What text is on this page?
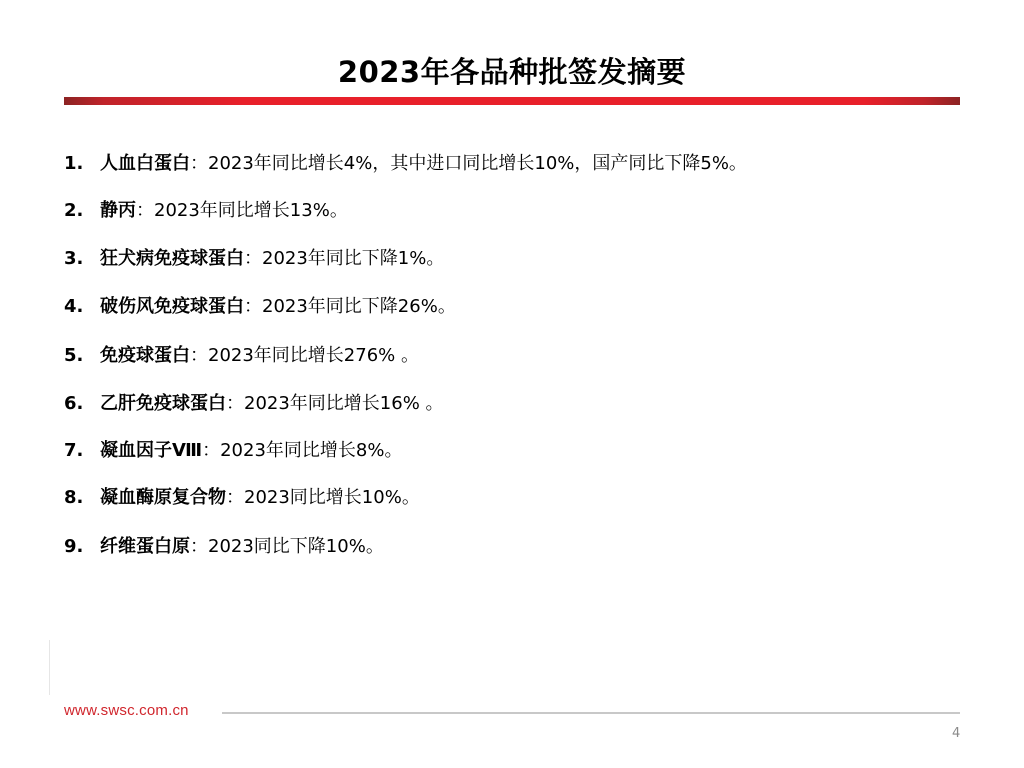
2023年各品种批签发摘要
1. 人血白蛋白：2023年同比增长4%，其中进口同比增长10%，国产同比下降5%。
2. 静丙：2023年同比增长13%。
3. 狂犬病免疫球蛋白：2023年同比下降1%。
4. 破伤风免疫球蛋白：2023年同比下降26%。
5. 免疫球蛋白：2023年同比增长276% 。
6. 乙肝免疫球蛋白：2023年同比增长16% 。
7. 凝血因子Ⅷ：2023年同比增长8%。
8. 凝血酶原复合物：2023同比增长10%。
9. 纤维蛋白原：2023同比下降10%。
www.swsc.com.cn
4
